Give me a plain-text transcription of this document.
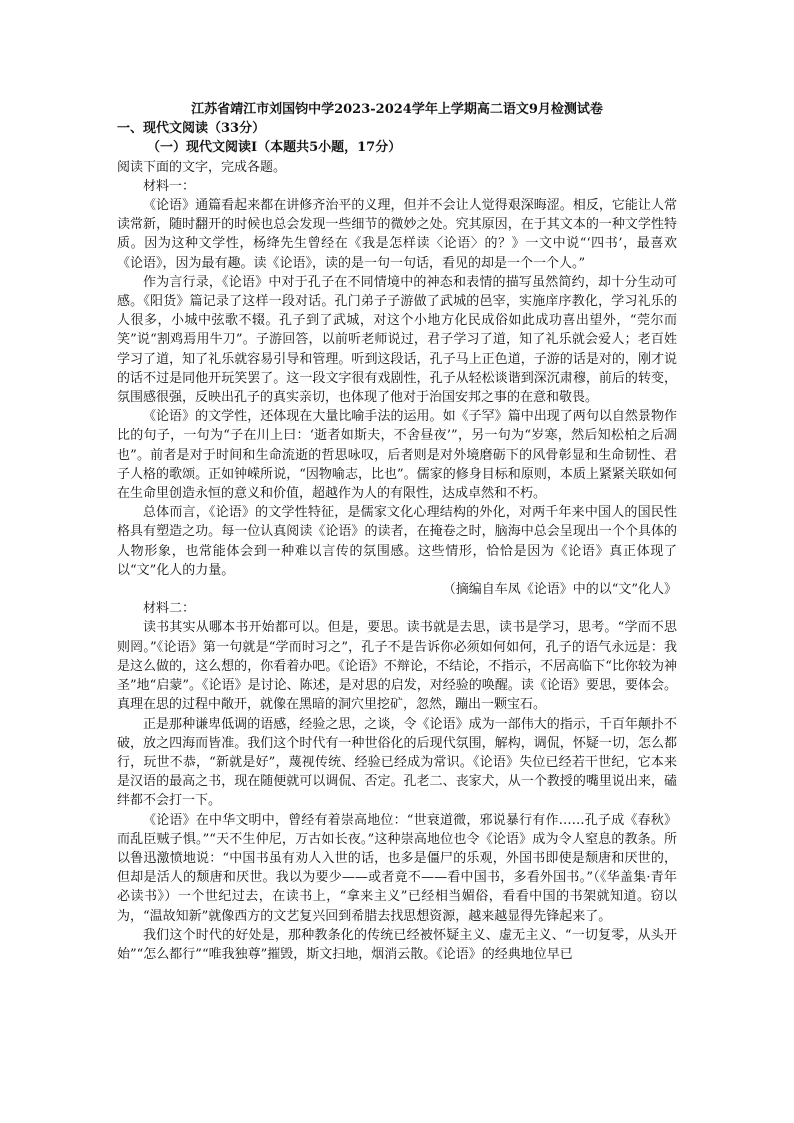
江苏省靖江市刘国钧中学2023-2024学年上学期高二语文9月检测试卷
一、现代文阅读（33分）
（一）现代文阅读Ⅰ（本题共5小题，17分）

阅读下面的文字，完成各题。

材料一：

《论语》通篇看起来都在讲修齐治平的义理，但并不会让人觉得艰深晦涩。相反，它能让人常读常新，随时翻开的时候也总会发现一些细节的微妙之处。究其原因，在于其文本的一种文学性特质。因为这种文学性，杨绛先生曾经在《我是怎样读〈论语〉的？》一文中说“‘四书’，最喜欢《论语》，因为最有趣。读《论语》，读的是一句一句话，看见的却是一个一个人。”

作为言行录，《论语》中对于孔子在不同情境中的神态和表情的描写虽然简约，却十分生动可感。《阳货》篇记录了这样一段对话。孔门弟子子游做了武城的邑宰，实施庠序教化，学习礼乐的人很多，小城中弦歌不辍。孔子到了武城，对这个小地方化民成俗如此成功喜出望外，“莞尔而笑”说“割鸡焉用牛刀”。子游回答，以前听老师说过，君子学习了道，知了礼乐就会爱人；老百姓学习了道，知了礼乐就容易引导和管理。听到这段话，孔子马上正色道，子游的话是对的，刚才说的话不过是同他开玩笑罢了。这一段文字很有戏剧性，孔子从轻松谈谐到深沉肃穆，前后的转变，氛围感很强，反映出孔子的真实亲切，也体现了他对于治国安邦之事的在意和敬畏。

《论语》的文学性，还体现在大量比喻手法的运用。如《子罕》篇中出现了两句以自然景物作比的句子，一句为“子在川上曰：‘逝者如斯夫，不舍昼夜’”，另一句为“岁寒，然后知松柏之后凋也”。前者是对于时间和生命流逝的哲思咏叹，后者则是对外境磨砺下的风骨彰显和生命韧性、君子人格的歌颂。正如钟嵘所说，“因物喻志，比也”。儒家的修身目标和原则，本质上紧紧关联如何在生命里创造永恒的意义和价值，超越作为人的有限性，达成卓然和不朽。

总体而言，《论语》的文学性特征，是儒家文化心理结构的外化，对两千年来中国人的国民性格具有塑造之功。每一位认真阅读《论语》的读者，在掩卷之时，脑海中总会呈现出一个个具体的人物形象，也常能体会到一种难以言传的氛围感。这些情形，恰恰是因为《论语》真正体现了以“文”化人的力量。

（摘编自车凤《论语》中的以“文”化人》

材料二：

读书其实从哪本书开始都可以。但是，要思。读书就是去思，读书是学习，思考。“学而不思则罔。”《论语》第一句就是“学而时习之”，孔子不是告诉你必须如何如何，孔子的语气永远是：我是这么做的，这么想的，你看着办吧。《论语》不辩论，不结论，不指示，不居高临下“比你较为神圣”地“启蒙”。《论语》是讨论、陈述，是对思的启发，对经验的唤醒。读《论语》要思，要体会。真理在思的过程中敞开，就像在黑暗的洞穴里挖矿，忽然，蹦出一颗宝石。

正是那种谦卑低调的语感，经验之思，之谈，令《论语》成为一部伟大的指示，千百年颠扑不破，放之四海而皆准。我们这个时代有一种世俗化的后现代氛围，解构，调侃，怀疑一切，怎么都行，玩世不恭，“新就是好”，蔑视传统、经验已经成为常识。《论语》失位已经若干世纪，它本来是汉语的最高之书，现在随便就可以调侃、否定。孔老二、丧家犬，从一个教授的嘴里说出来，磕绊都不会打一下。

《论语》在中华文明中，曾经有着崇高地位：“世衰道微，邪说暴行有作……孔子成《春秋》而乱臣贼子惧。”“天不生仲尼，万古如长夜。”这种崇高地位也令《论语》成为令人窒息的教条。所以鲁迅激愤地说：“中国书虽有劝人入世的话，也多是僵尸的乐观，外国书即使是颓唐和厌世的，但却是活人的颓唐和厌世。我以为要少——或者竟不——看中国书，多看外国书。”（《华盖集·青年必读书》）一个世纪过去，在读书上，“拿来主义”已经相当媚俗，看看中国的书架就知道。窃以为，“温故知新”就像西方的文艺复兴回到希腊去找思想资源，越来越显得先锋起来了。

我们这个时代的好处是，那种教条化的传统已经被怀疑主义、虚无主义、“一切复零，从头开始”“怎么都行”“唯我独尊”摧毁，斯文扫地，烟消云散。《论语》的经典地位早已
